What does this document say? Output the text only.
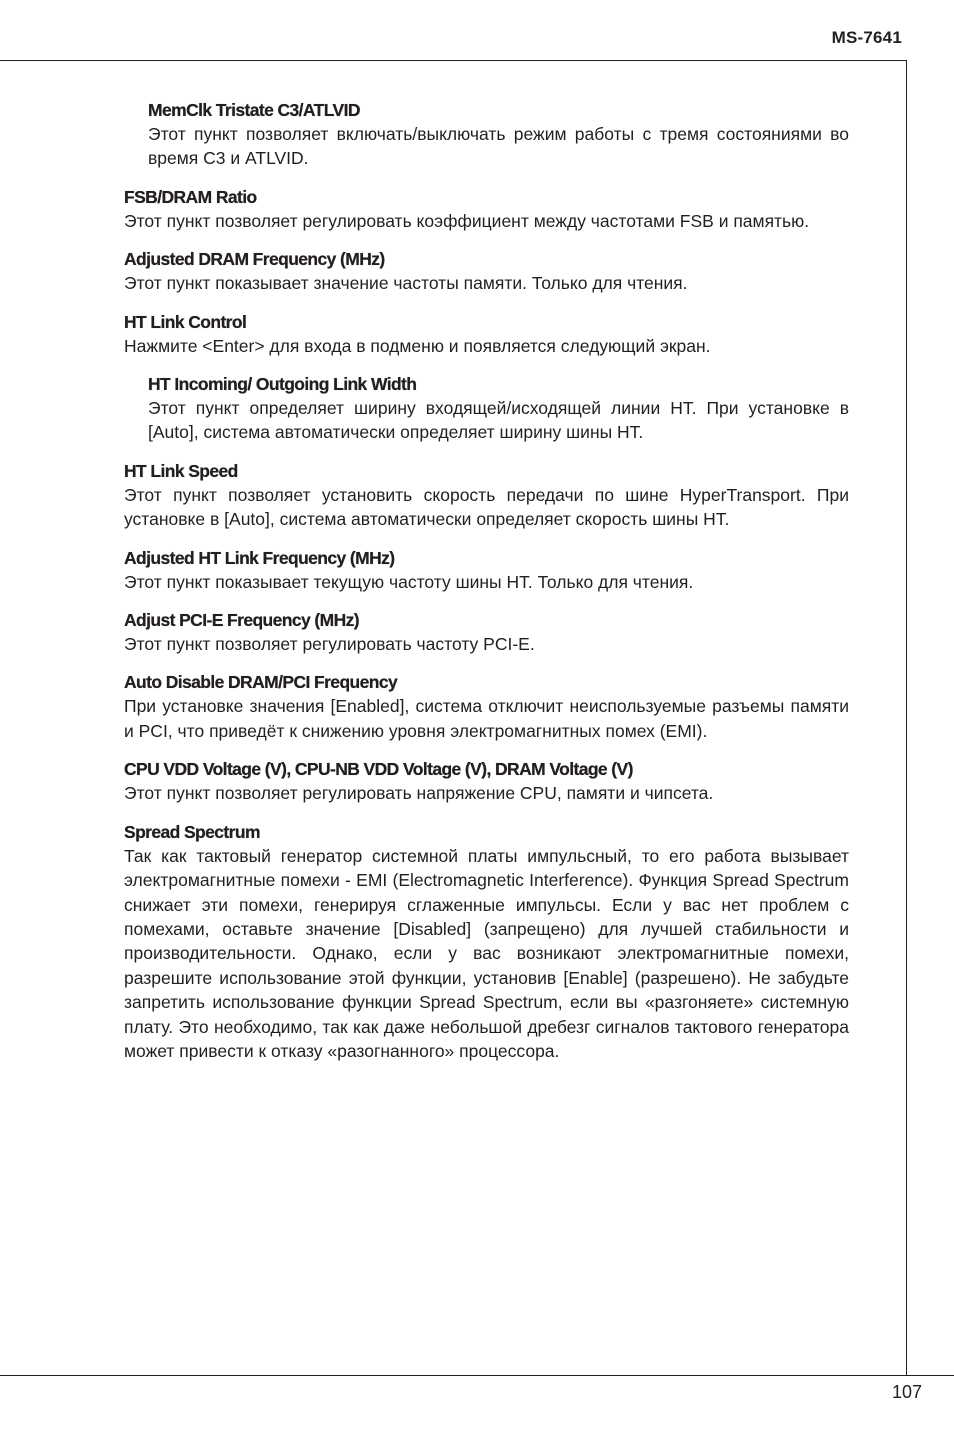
MS-7641
MemClk Tristate C3/ATLVID
Этот пункт позволяет включать/выключать режим работы с тремя состояниями во время C3 и ATLVID.
FSB/DRAM Ratio
Этот пункт позволяет регулировать коэффициент между частотами FSB и памятью.
Adjusted DRAM Frequency (MHz)
Этот пункт показывает значение частоты памяти. Только для чтения.
HT Link Control
Нажмите <Enter> для входа в подменю и появляется следующий экран.
HT Incoming/ Outgoing Link Width
Этот пункт определяет ширину входящей/исходящей линии HT. При установке в [Auto], система автоматически определяет ширину шины HT.
HT Link Speed
Этот пункт позволяет установить скорость передачи по шине HyperTransport. При установке в [Auto], система автоматически определяет скорость шины HT.
Adjusted HT Link Frequency (MHz)
Этот пункт показывает текущую частоту шины HT. Только для чтения.
Adjust PCI-E Frequency (MHz)
Этот пункт позволяет регулировать частоту PCI-E.
Auto Disable DRAM/PCI Frequency
При установке значения [Enabled], система отключит неиспользуемые разъемы памяти и PCI, что приведёт к снижению уровня электромагнитных помех (EMI).
CPU VDD Voltage (V), CPU-NB VDD Voltage (V), DRAM Voltage (V)
Этот пункт позволяет регулировать напряжение CPU, памяти и чипсета.
Spread Spectrum
Так как тактовый генератор системной платы импульсный, то его работа вызывает электромагнитные помехи - EMI (Electromagnetic Interference). Функция Spread Spectrum снижает эти помехи, генерируя сглаженные импульсы. Если у вас нет проблем с помехами, оставьте значение [Disabled] (запрещено) для лучшей стабильности и производительности. Однако, если у вас возникают электромагнитные помехи, разрешите использование этой функции, установив [Enable] (разрешено). Не забудьте запретить использование функции Spread Spectrum, если вы «разгоняете» системную плату. Это необходимо, так как даже небольшой дребезг сигналов тактового генератора может привести к отказу «разогнанного» процессора.
107
